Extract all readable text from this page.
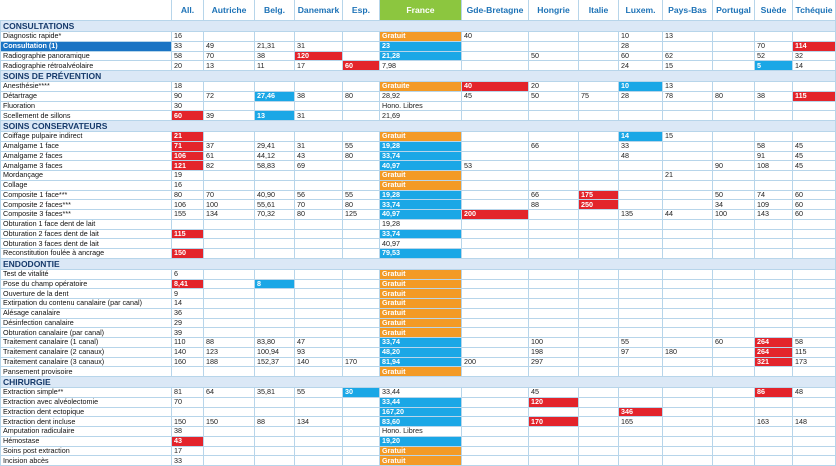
	All.	Autriche	Belg.	Danemark	Esp.	France	Gde-Bretagne	Hongrie	Italie	Luxem.	Pays-Bas	Portugal	Suède	Tchéquie
CONSULTATIONS														
Diagnostic rapide*	16					Gratuit	40			10	13			
Consultation (1)	33	49	21,31	31		23				28			70	114
Radiographie panoramique	58	70	38	120		21,28		50		60	62		52	32
Radiographie rétroalvéolaire	20	13	11	17	60	7,98				24	15		5	14
SOINS DE PRÉVENTION														
Anesthésie****	18					Gratuite	40	20		10	13			
Détartrage	90	72	27,46	38	80	28,92	45	50	75	28	78	80	38	115
Fluoration	30					Hono. Libres								
Scellement de sillons	60	39	13	31		21,69								
SOINS CONSERVATEURS														
Coiffage pulpaire indirect	21					Gratuit				14	15			
Amalgame 1 face	71	37	29,41	31	55	19,28		66		33			58	45
Amalgame 2 faces	106	61	44,12	43	80	33,74				48			91	45
Amalgame 3 faces	121	82	58,83	69		40,97	53					90	108	45
Mordançage	19					Gratuit					21			
Collage	16					Gratuit								
Composite 1 face***	80	70	40,90	56	55	19,28		66	175			50	74	60
Composite 2 faces***	106	100	55,61	70	80	33,74		88	250			34	109	60
Composite 3 faces***	155	134	70,32	80	125	40,97	200			135	44	100	143	60
Obturation 1 face dent de lait						19,28								
Obturation 2 faces dent de lait	115					33,74								
Obturation 3 faces dent de lait						40,97								
Reconstitution foulée à ancrage	150					79,53								
ENDODONTIE														
Test de vitalité	6					Gratuit								
Pose du champ opératoire	8,41		8			Gratuit								
Ouverture de la dent	9					Gratuit								
Extirpation du contenu canalaire (par canal)	14					Gratuit								
Alésage canalaire	36					Gratuit								
Désinfection canalaire	29					Gratuit								
Obturation canalaire (par canal)	39					Gratuit								
Traitement canalaire (1 canal)	110	88	83,80	47		33,74		100		55		60	264	58
Traitement canalaire (2 canaux)	140	123	100,94	93		48,20		198		97	180		264	115
Traitement canalaire (3 canaux)	160	188	152,37	140	170	81,94	200	297					321	173
Pansement provisoire						Gratuit								
CHIRURGIE														
Extraction simple**	81	64	35,81	55	30	33,44		45					86	48
Extraction avec alvéolectomie	70					33,44		120						
Extraction dent ectopique						167,20				346				
Extraction dent incluse	150	150	88	134		83,60		170		165			163	148
Amputation radiculaire	38					Hono. Libres								
Hémostase	43					19,20								
Soins post extraction	17					Gratuit								
Incision abcès	33					Gratuit								
